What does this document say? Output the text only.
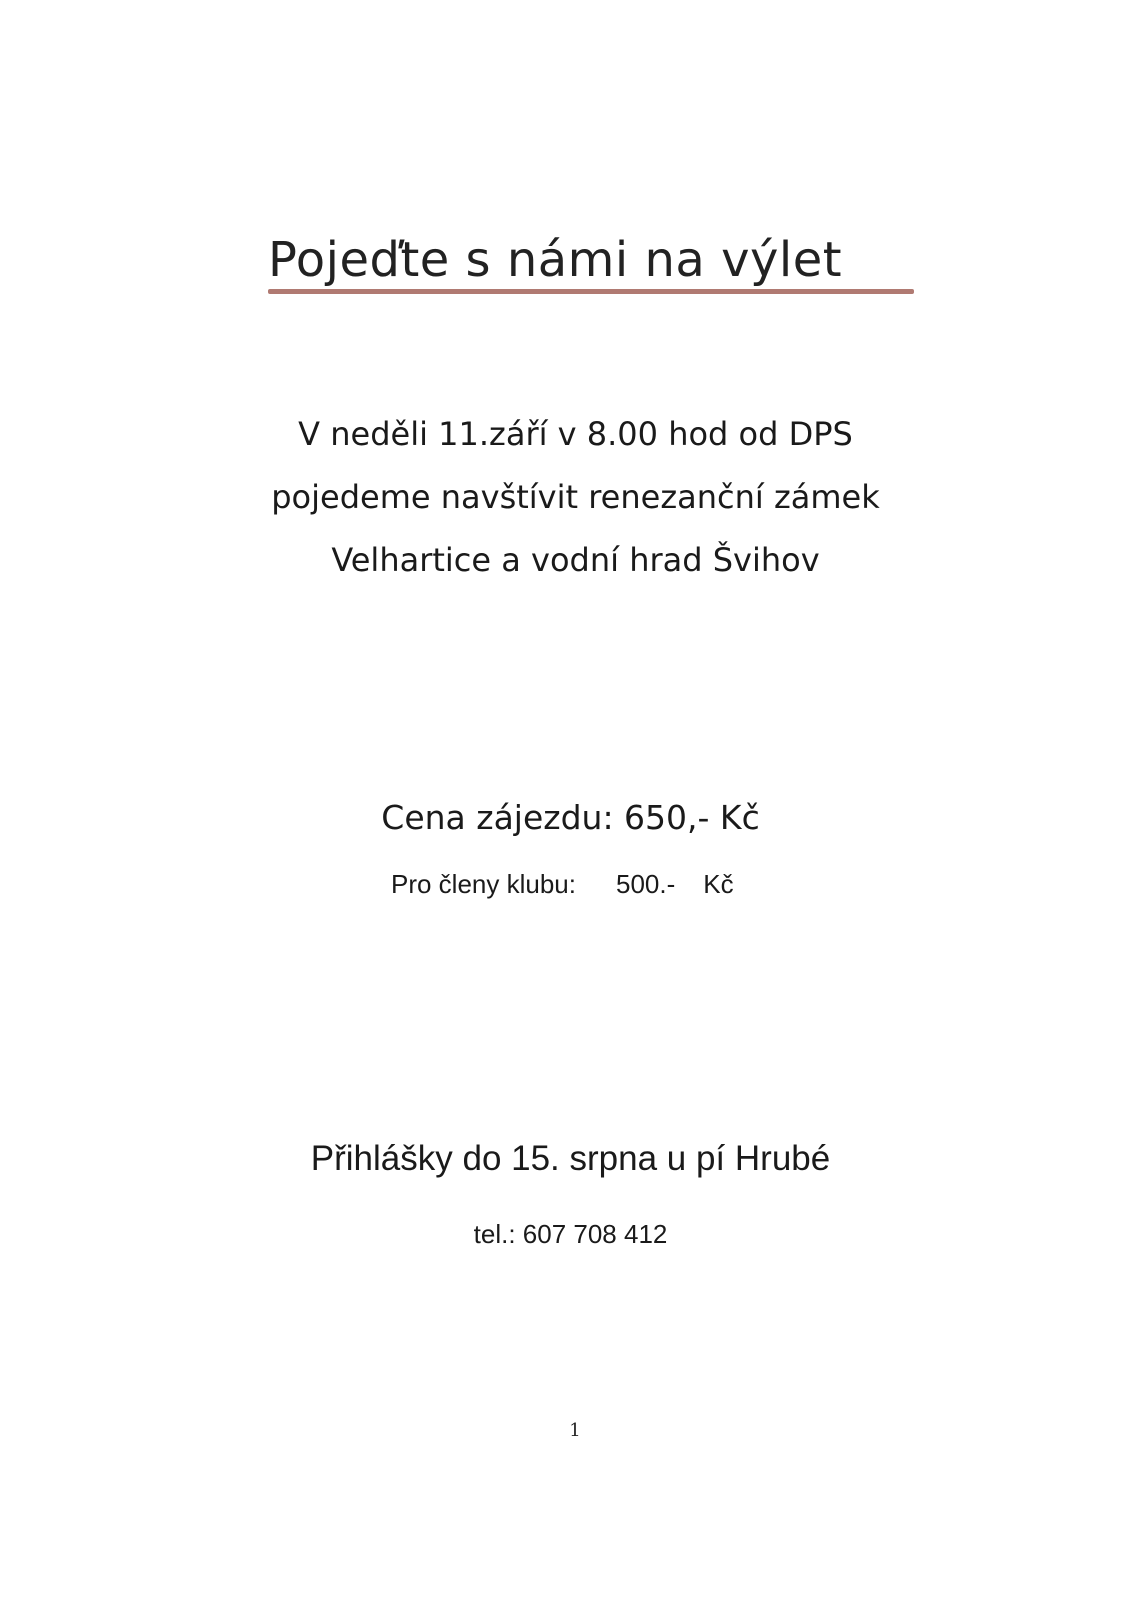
Pojeďte s námi na výlet
V neděli 11.září v 8.00 hod od DPS
pojedeme navštívit renezanční zámek
Velhartice a vodní hrad Švihov
Cena zájezdu: 650,- Kč
Pro členy klubu: 500.- Kč
Přihlášky do 15. srpna u pí Hrubé
tel.: 607 708 412
1
